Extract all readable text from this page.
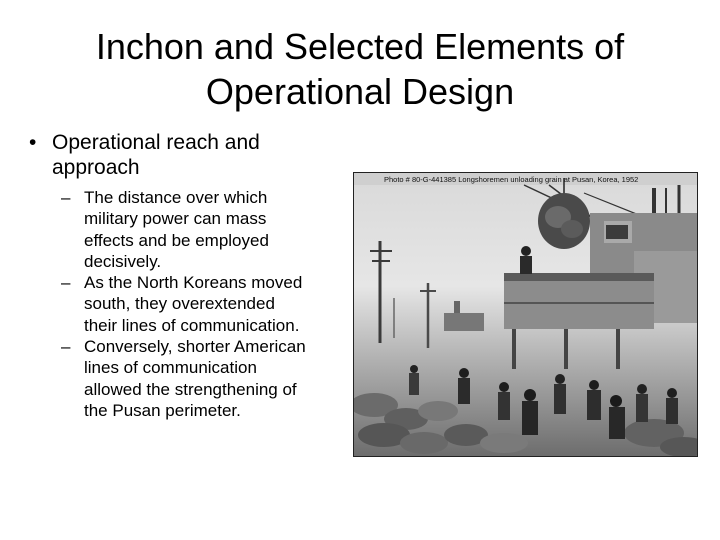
Inchon and Selected Elements of
Operational Design
• Operational reach and approach
– The distance over which military power can mass effects and be employed decisively.
– As the North Koreans moved south, they overextended their lines of communication.
– Conversely, shorter American lines of communication allowed the strengthening of the Pusan perimeter.
Photo # 80-G-441385 Longshoremen unloading grain at Pusan, Korea, 1952
